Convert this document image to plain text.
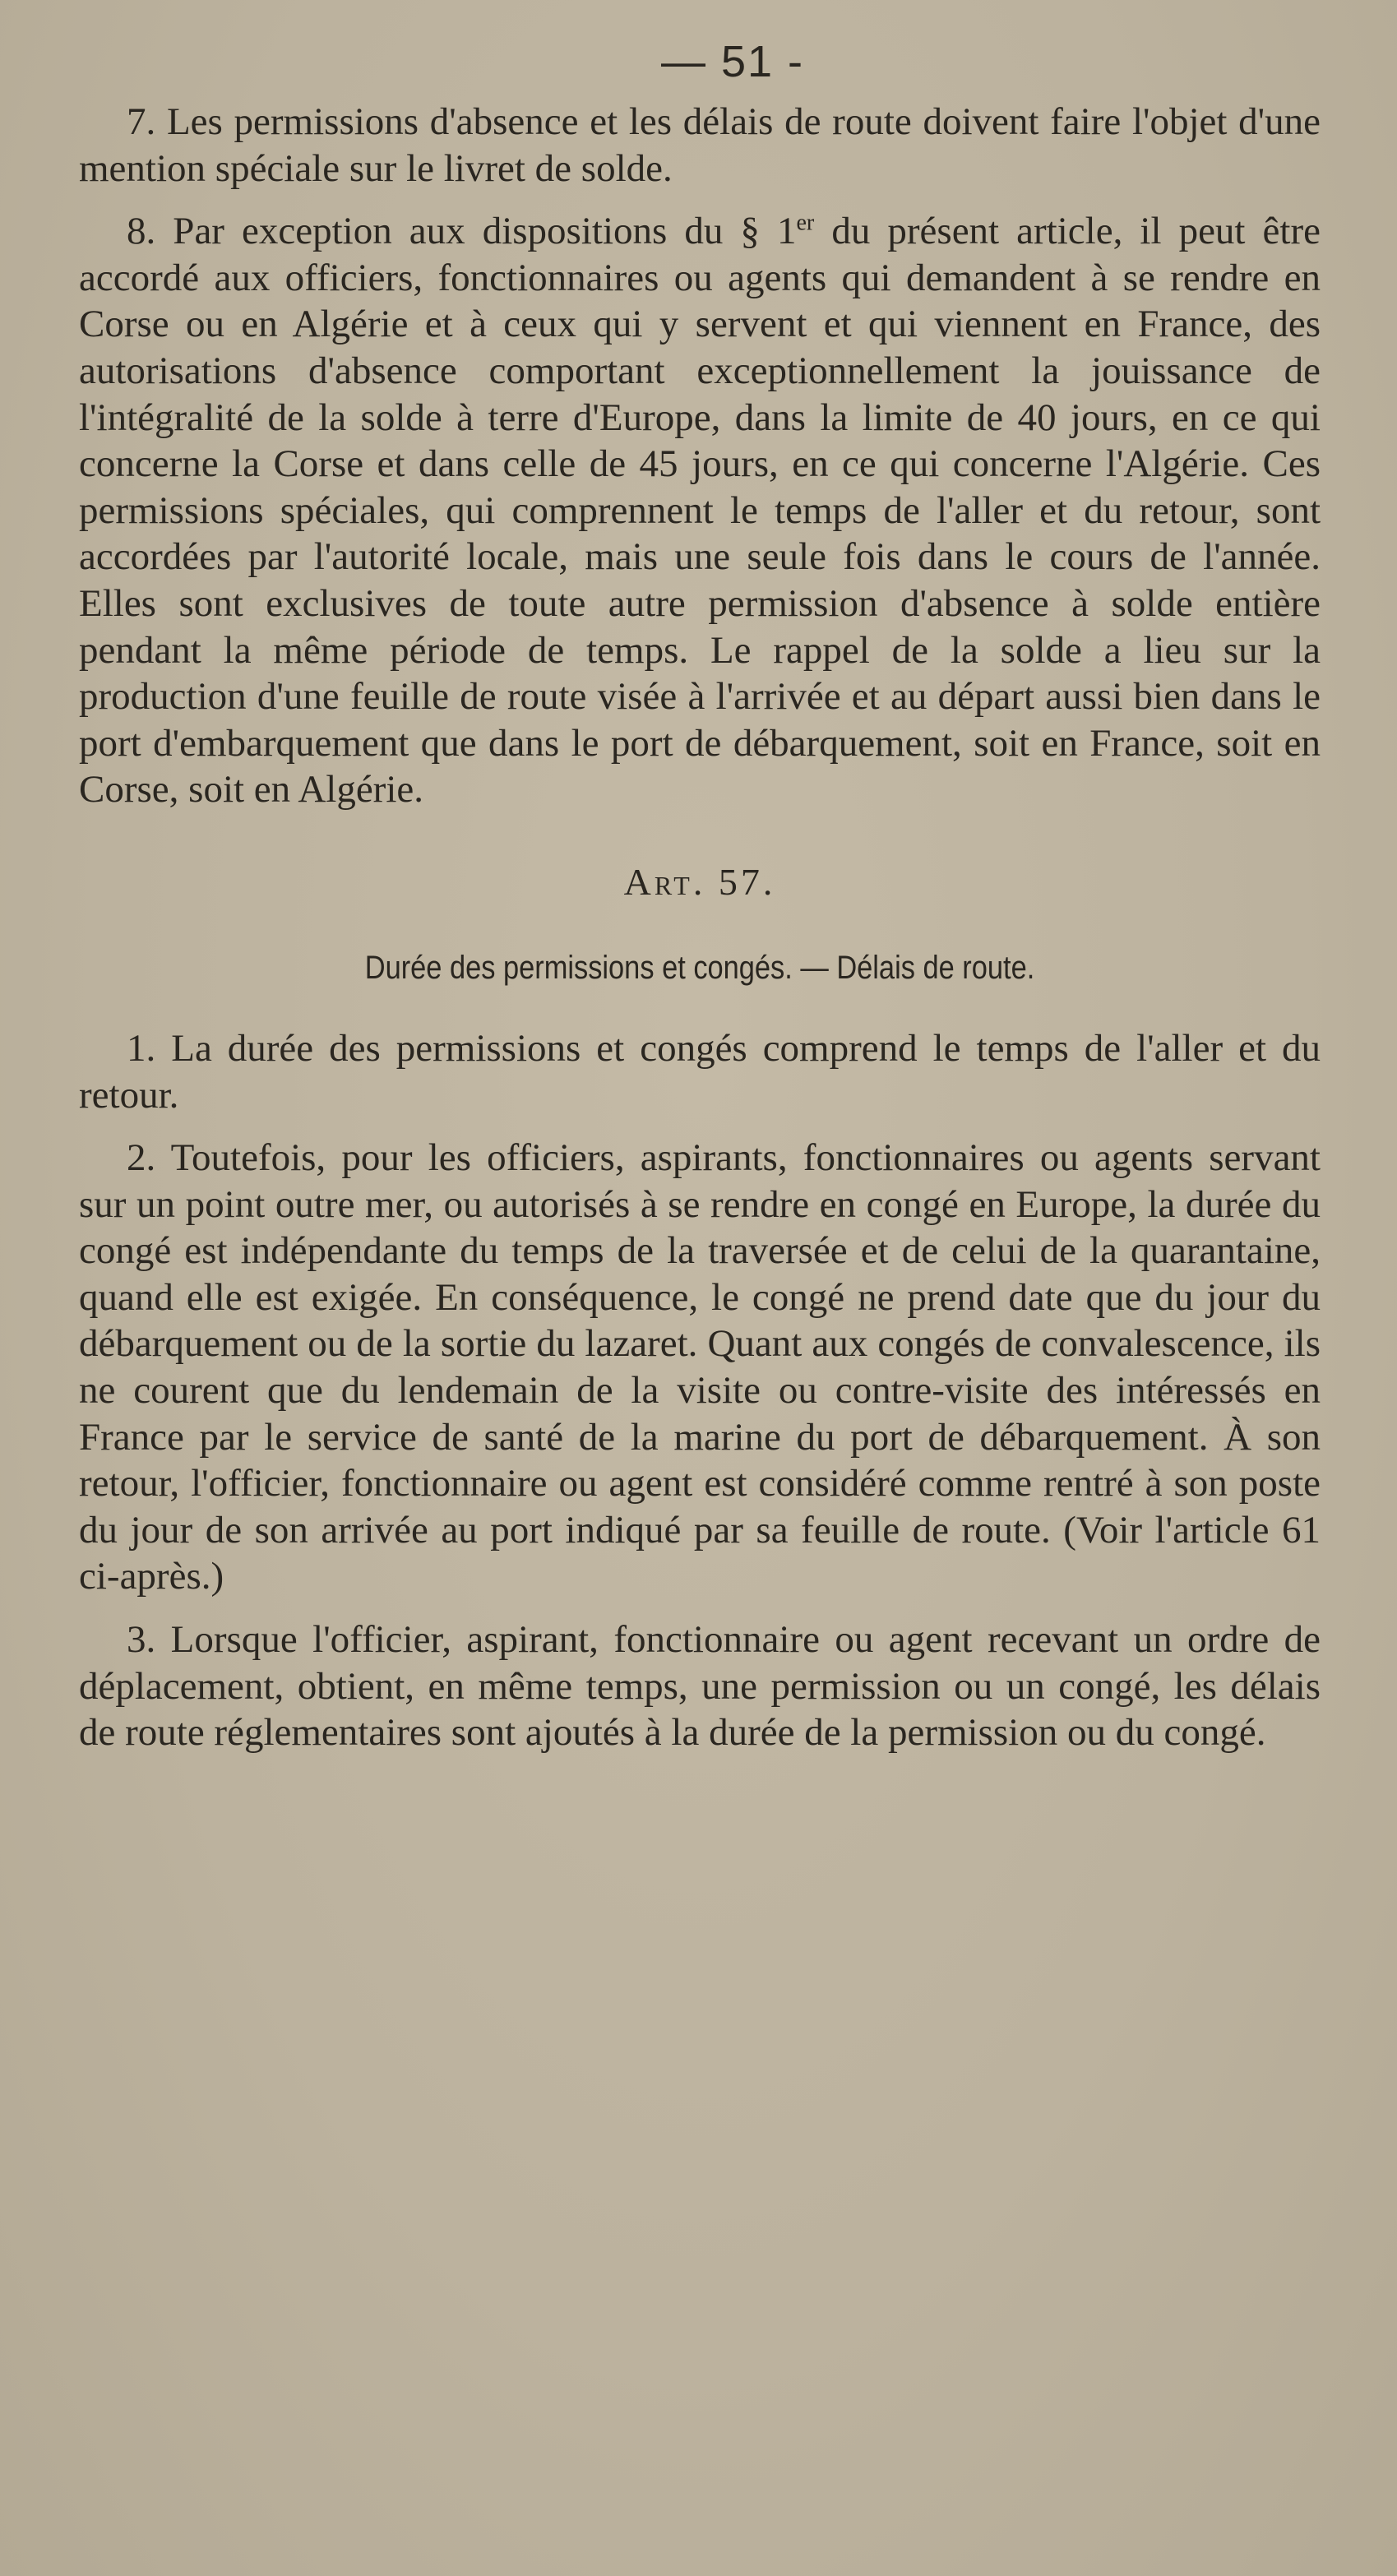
— 51 -

7. Les permissions d'absence et les délais de route doivent faire l'objet d'une mention spéciale sur le livret de solde.

8. Par exception aux dispositions du § 1er du présent article, il peut être accordé aux officiers, fonctionnaires ou agents qui demandent à se rendre en Corse ou en Algérie et à ceux qui y servent et qui viennent en France, des autorisations d'absence comportant exceptionnellement la jouissance de l'intégralité de la solde à terre d'Europe, dans la limite de 40 jours, en ce qui concerne la Corse et dans celle de 45 jours, en ce qui concerne l'Algérie. Ces permissions spéciales, qui comprennent le temps de l'aller et du retour, sont accordées par l'autorité locale, mais une seule fois dans le cours de l'année. Elles sont exclusives de toute autre permission d'absence à solde entière pendant la même période de temps. Le rappel de la solde a lieu sur la production d'une feuille de route visée à l'arrivée et au départ aussi bien dans le port d'embarquement que dans le port de débarquement, soit en France, soit en Corse, soit en Algérie.

Art. 57.
Durée des permissions et congés. — Délais de route.

1. La durée des permissions et congés comprend le temps de l'aller et du retour.

2. Toutefois, pour les officiers, aspirants, fonctionnaires ou agents servant sur un point outre mer, ou autorisés à se rendre en congé en Europe, la durée du congé est indépendante du temps de la traversée et de celui de la quarantaine, quand elle est exigée. En conséquence, le congé ne prend date que du jour du débarquement ou de la sortie du lazaret. Quant aux congés de convalescence, ils ne courent que du lendemain de la visite ou contre-visite des intéressés en France par le service de santé de la marine du port de débarquement. À son retour, l'officier, fonctionnaire ou agent est considéré comme rentré à son poste du jour de son arrivée au port indiqué par sa feuille de route. (Voir l'article 61 ci-après.)

3. Lorsque l'officier, aspirant, fonctionnaire ou agent recevant un ordre de déplacement, obtient, en même temps, une permission ou un congé, les délais de route réglementaires sont ajoutés à la durée de la permission ou du congé.
